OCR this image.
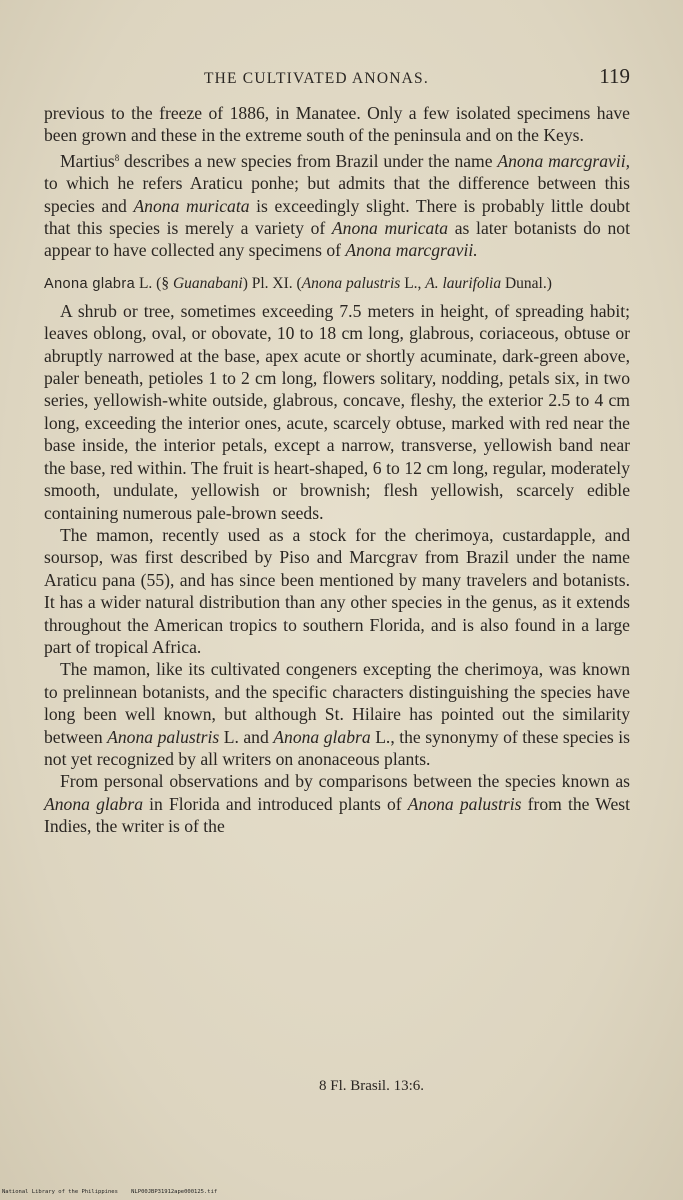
THE CULTIVATED ANONAS.	119

previous to the freeze of 1886, in Manatee. Only a few isolated specimens have been grown and these in the extreme south of the peninsula and on the Keys.

Martius$^8$ describes a new species from Brazil under the name Anona marcgravii, to which he refers Araticu ponhe; but admits that the difference between this species and Anona muricata is exceedingly slight. There is probably little doubt that this species is merely a variety of Anona muricata as later botanists do not appear to have collected any specimens of Anona marcgravii.

Anona glabra L. (§ Guanabani) Pl. XI. (Anona palustris L., A. laurifolia Dunal.)

A shrub or tree, sometimes exceeding 7.5 meters in height, of spreading habit; leaves oblong, oval, or obovate, 10 to 18 cm long, glabrous, coriaceous, obtuse or abruptly narrowed at the base, apex acute or shortly acuminate, dark-green above, paler beneath, petioles 1 to 2 cm long, flowers solitary, nodding, petals six, in two series, yellowish-white outside, glabrous, concave, fleshy, the exterior 2.5 to 4 cm long, exceeding the interior ones, acute, scarcely obtuse, marked with red near the base inside, the interior petals, except a narrow, transverse, yellowish band near the base, red within. The fruit is heart-shaped, 6 to 12 cm long, regular, moderately smooth, undulate, yellowish or brownish; flesh yellowish, scarcely edible containing numerous pale-brown seeds.

The mamon, recently used as a stock for the cherimoya, custardapple, and soursop, was first described by Piso and Marcgrav from Brazil under the name Araticu pana (55), and has since been mentioned by many travelers and botanists. It has a wider natural distribution than any other species in the genus, as it extends throughout the American tropics to southern Florida, and is also found in a large part of tropical Africa.

The mamon, like its cultivated congeners excepting the cherimoya, was known to prelinnean botanists, and the specific characters distinguishing the species have long been well known, but although St. Hilaire has pointed out the similarity between Anona palustris L. and Anona glabra L., the synonymy of these species is not yet recognized by all writers on anonaceous plants.

From personal observations and by comparisons between the species known as Anona glabra in Florida and introduced plants of Anona palustris from the West Indies, the writer is of the

8 Fl. Brasil. 13:6.
National Library of the Philippines    NLP00JBP31912ape000125.tif
